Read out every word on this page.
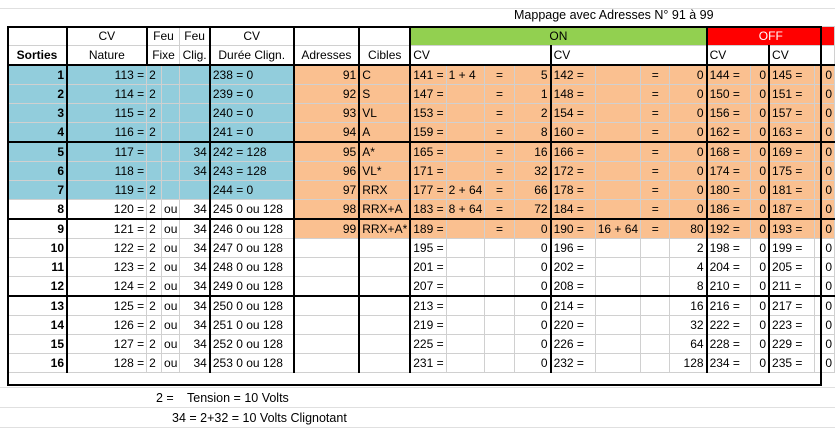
Mappage avec Adresses N° 91 à 99
	CV	Feu		Feu	CV			ON								OFF			
Sorties	Nature	Fixe		Clig.	Durée Clign.	Adresses	Cibles	CV				CV				CV		CV	
1	113 =	2			238 = 0	91	C	141 =	1 + 4	=	5	142 =		=	0	144 =	0	145 =	0
2	114 =	2			239 = 0	92	S	147 =		=	1	148 =		=	0	150 =	0	151 =	0
3	115 =	2			240 = 0	93	VL	153 =		=	2	154 =		=	0	156 =	0	157 =	0
4	116 =	2			241 = 0	94	A	159 =		=	8	160 =		=	0	162 =	0	163 =	0
5	117 =			34	242 = 128	95	A*	165 =		=	16	166 =		=	0	168 =	0	169 =	0
6	118 =			34	243 = 128	96	VL*	171 =		=	32	172 =		=	0	174 =	0	175 =	0
7	119 =	2			244 = 0	97	RRX	177 =	2 + 64	=	66	178 =		=	0	180 =	0	181 =	0
8	120 =	2	ou	34	245 0 ou 128	98	RRX+A	183 =	8 + 64	=	72	184 =		=	0	186 =	0	187 =	0
9	121 =	2	ou	34	246 0 ou 128	99	RRX+A*	189 =		=	0	190 =	16 + 64	=	80	192 =	0	193 =	0
10	122 =	2	ou	34	247 0 ou 128			195 =			0	196 =			2	198 =	0	199 =	0
11	123 =	2	ou	34	248 0 ou 128			201 =			0	202 =			4	204 =	0	205 =	0
12	124 =	2	ou	34	249 0 ou 128			207 =			0	208 =			8	210 =	0	211 =	0
13	125 =	2	ou	34	250 0 ou 128			213 =			0	214 =			16	216 =	0	217 =	0
14	126 =	2	ou	34	251 0 ou 128			219 =			0	220 =			32	222 =	0	223 =	0
15	127 =	2	ou	34	252 0 ou 128			225 =			0	226 =			64	228 =	0	229 =	0
16	128 =	2	ou	34	253 0 ou 128			231 =			0	232 =			128	234 =	0	235 =	0
2 = Tension = 10 Volts
34 = 2+32 = 10 Volts Clignotant
